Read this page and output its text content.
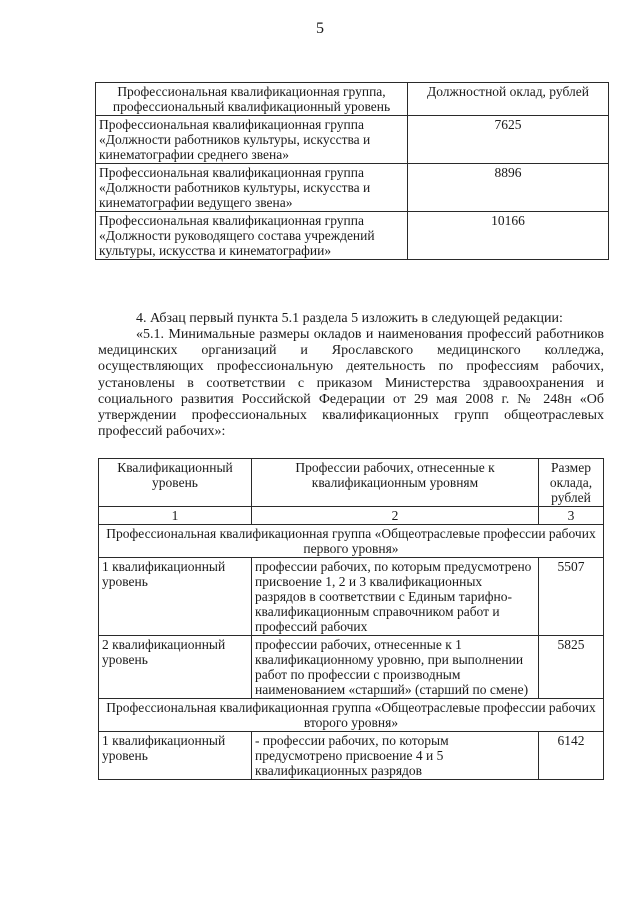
5
Профессиональная квалификационная группа, профессиональный квалификационный уровень	Должностной оклад, рублей
Профессиональная квалификационная группа «Должности работников культуры, искусства и кинематографии среднего звена»	7625
Профессиональная квалификационная группа «Должности работников культуры, искусства и кинематографии ведущего звена»	8896
Профессиональная квалификационная группа «Должности руководящего состава учреждений культуры, искусства и кинематографии»	10166
4. Абзац первый пункта 5.1 раздела 5 изложить в следующей редакции:
«5.1. Минимальные размеры окладов и наименования профессий работников медицинских организаций и Ярославского медицинского колледжа, осуществляющих профессиональную деятельность по профессиям рабочих, установлены в соответствии с приказом Министерства здравоохранения и социального развития Российской Федерации от 29 мая 2008 г. № 248н «Об утверждении профессиональных квалификационных групп общеотраслевых профессий рабочих»:
Квалификационный уровень	Профессии рабочих, отнесенные к квалификационным уровням	Размер оклада, рублей
1	2	3
Профессиональная квалификационная группа «Общеотраслевые профессии рабочих первого уровня»		
1 квалификационный уровень	профессии рабочих, по которым предусмотрено присвоение 1, 2 и 3 квалификационных разрядов в соответствии с Единым тарифно-квалификационным справочником работ и профессий рабочих	5507
2 квалификационный уровень	профессии рабочих, отнесенные к 1 квалификационному уровню, при выполнении работ по профессии с производным наименованием «старший» (старший по смене)	5825
Профессиональная квалификационная группа «Общеотраслевые профессии рабочих второго уровня»		
1 квалификационный уровень	- профессии рабочих, по которым предусмотрено присвоение 4 и 5 квалификационных разрядов	6142
